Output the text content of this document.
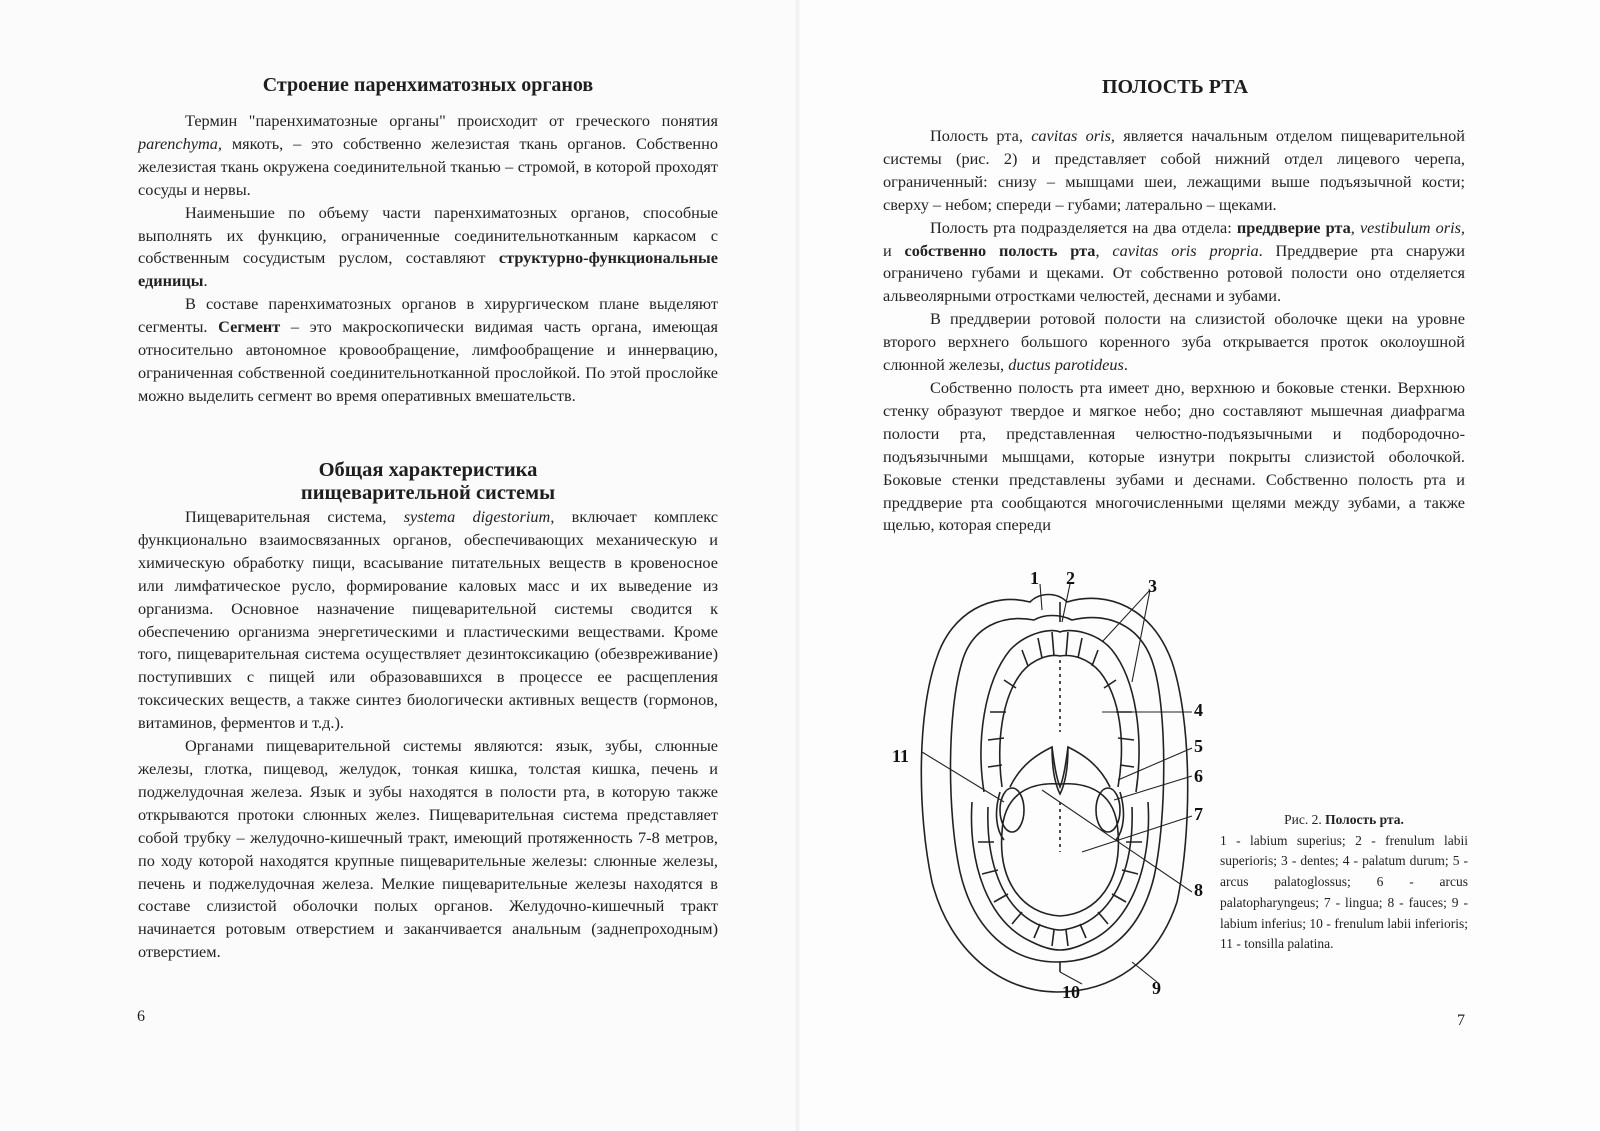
Строение паренхиматозных органов

Термин "паренхиматозные органы" происходит от греческого понятия parenchyma, мякоть, – это собственно железистая ткань органов. Собственно железистая ткань окружена соединительной тканью – стромой, в которой проходят сосуды и нервы.

Наименьшие по объему части паренхиматозных органов, способные выполнять их функцию, ограниченные соединительнотканным каркасом с собственным сосудистым руслом, составляют структурно-функциональные единицы.

В составе паренхиматозных органов в хирургическом плане выделяют сегменты. Сегмент – это макроскопически видимая часть органа, имеющая относительно автономное кровообращение, лимфообращение и иннервацию, ограниченная собственной соединительнотканной прослойкой. По этой прослойке можно выделить сегмент во время оперативных вмешательств.

Общая характеристика
пищеварительной системы

Пищеварительная система, systema digestorium, включает комплекс функционально взаимосвязанных органов, обеспечивающих механическую и химическую обработку пищи, всасывание питательных веществ в кровеносное или лимфатическое русло, формирование каловых масс и их выведение из организма. Основное назначение пищеварительной системы сводится к обеспечению организма энергетическими и пластическими веществами. Кроме того, пищеварительная система осуществляет дезинтоксикацию (обезвреживание) поступивших с пищей или образовавшихся в процессе ее расщепления токсических веществ, а также синтез биологически активных веществ (гормонов, витаминов, ферментов и т.д.).

Органами пищеварительной системы являются: язык, зубы, слюнные железы, глотка, пищевод, желудок, тонкая кишка, толстая кишка, печень и поджелудочная железа. Язык и зубы находятся в полости рта, в которую также открываются протоки слюнных желез. Пищеварительная система представляет собой трубку – желудочно-кишечный тракт, имеющий протяженность 7-8 метров, по ходу которой находятся крупные пищеварительные железы: слюнные железы, печень и поджелудочная железа. Мелкие пищеварительные железы находятся в составе слизистой оболочки полых органов. Желудочно-кишечный тракт начинается ротовым отверстием и заканчивается анальным (заднепроходным) отверстием.

6
ПОЛОСТЬ РТА

Полость рта, cavitas oris, является начальным отделом пищеварительной системы (рис. 2) и представляет собой нижний отдел лицевого черепа, ограниченный: снизу – мышцами шеи, лежащими выше подъязычной кости; сверху – небом; спереди – губами; латерально – щеками.

Полость рта подразделяется на два отдела: преддверие рта, vestibulum oris, и собственно полость рта, cavitas oris propria. Преддверие рта снаружи ограничено губами и щеками. От собственно ротовой полости оно отделяется альвеолярными отростками челюстей, деснами и зубами.

В преддверии ротовой полости на слизистой оболочке щеки на уровне второго верхнего большого коренного зуба открывается проток околоушной слюнной железы, ductus parotideus.

Собственно полость рта имеет дно, верхнюю и боковые стенки. Верхнюю стенку образуют твердое и мягкое небо; дно составляют мышечная диафрагма полости рта, представленная челюстно-подъязычными и подбородочно-подъязычными мышцами, которые изнутри покрыты слизистой оболочкой. Боковые стенки представлены зубами и деснами. Собственно полость рта и преддверие рта сообщаются многочисленными щелями между зубами, а также щелью, которая спереди

1 2	3
4
5
6
7
8
9
10
11
Рис. 2. Полость рта.
1 - labium superius; 2 - frenulum labii superioris; 3 - dentes; 4 - palatum durum; 5 - arcus palatoglossus; 6 - arcus palatopharyngeus; 7 - lingua; 8 - fauces; 9 - labium inferius; 10 - frenulum labii inferioris; 11 - tonsilla palatina.
7
